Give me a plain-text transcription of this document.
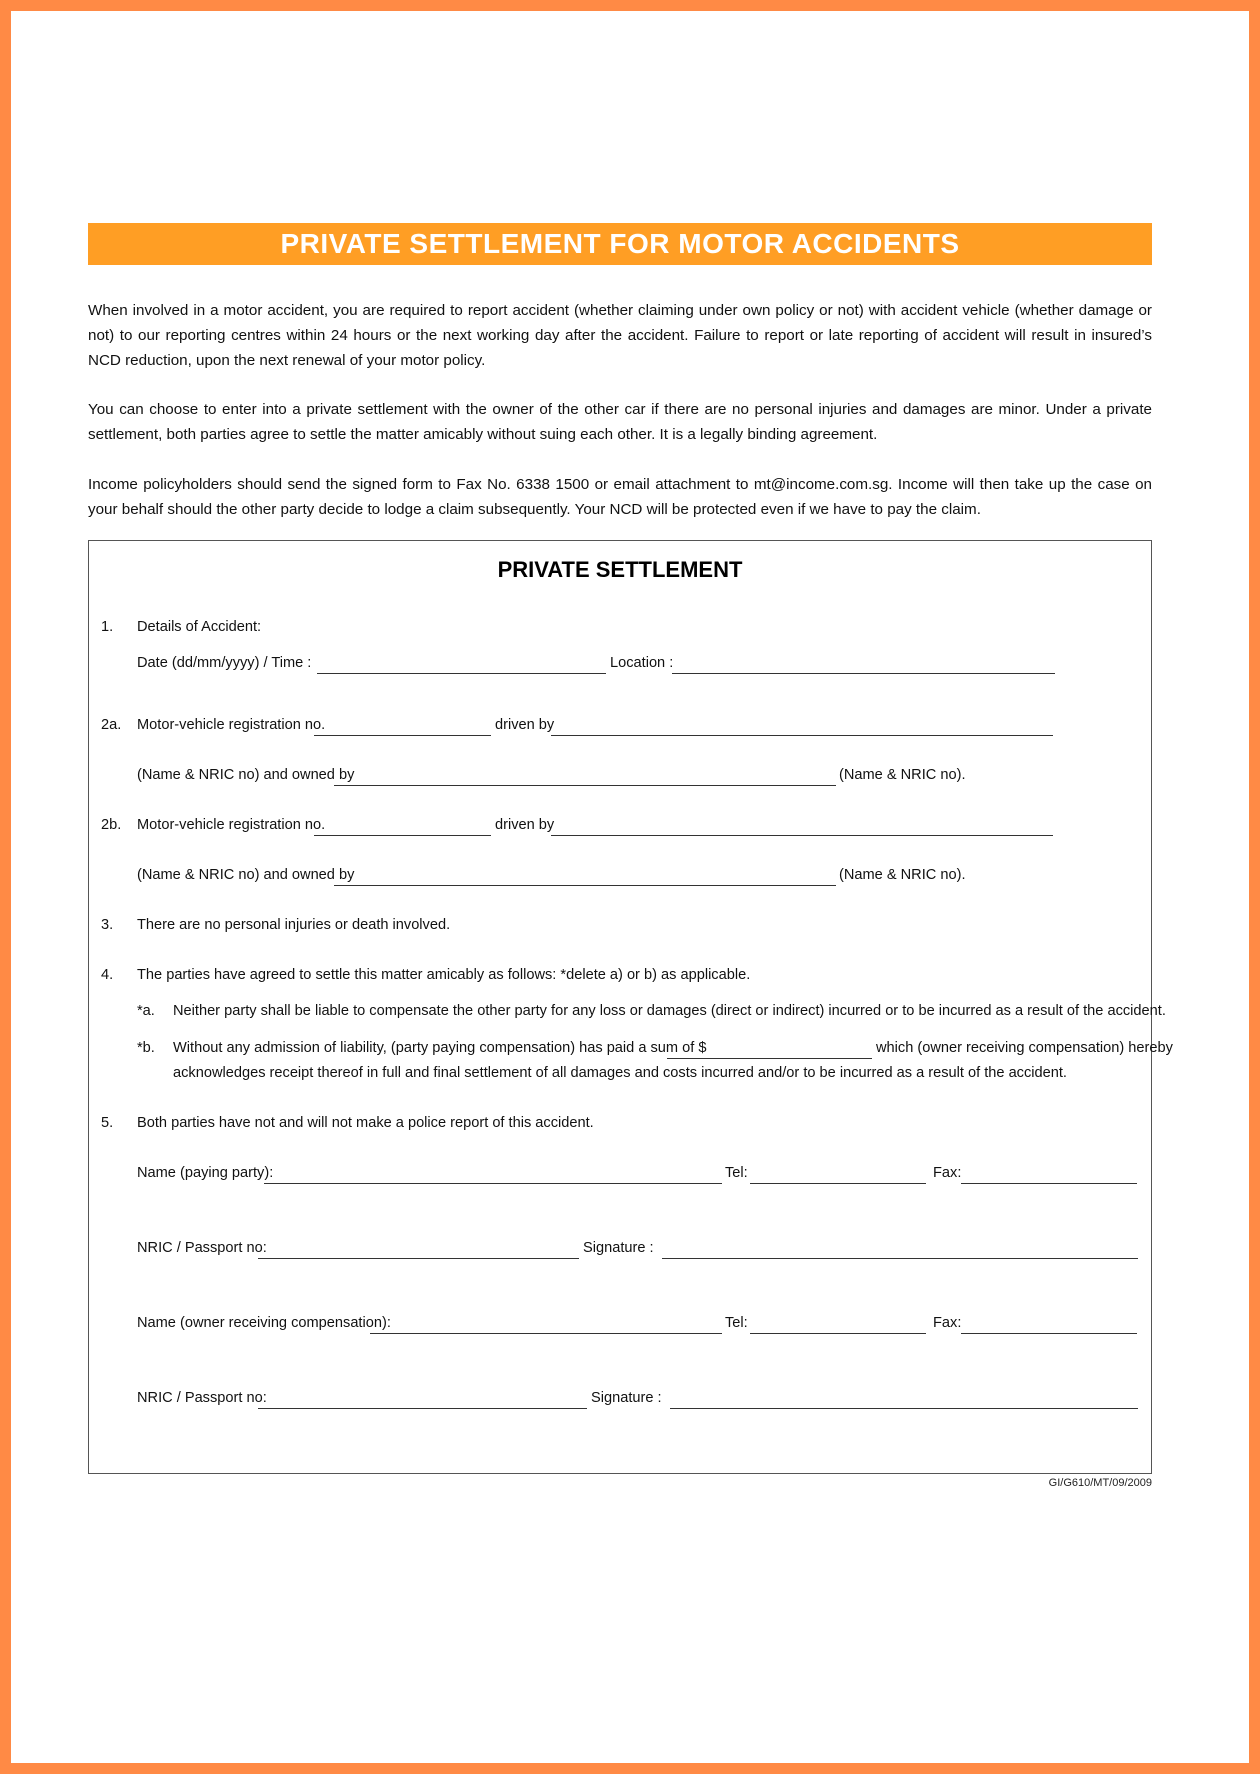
PRIVATE SETTLEMENT FOR MOTOR ACCIDENTS

When involved in a motor accident, you are required to report accident (whether claiming under own policy or not) with accident vehicle (whether damage or not) to our reporting centres within 24 hours or the next working day after the accident. Failure to report or late reporting of accident will result in insured’s NCD reduction, upon the next renewal of your motor policy.

You can choose to enter into a private settlement with the owner of the other car if there are no personal injuries and damages are minor. Under a private settlement, both parties agree to settle the matter amicably without suing each other. It is a legally binding agreement.

Income policyholders should send the signed form to Fax No. 6338 1500 or email attachment to mt@income.com.sg. Income will then take up the case on your behalf should the other party decide to lodge a claim subsequently. Your NCD will be protected even if we have to pay the claim.

PRIVATE SETTLEMENT
1. Details of Accident:
Date (dd/mm/yyyy) / Time :	Location :
2a. Motor-vehicle registration no.	driven by
(Name & NRIC no) and owned by	(Name & NRIC no).
2b. Motor-vehicle registration no.	driven by
(Name & NRIC no) and owned by	(Name & NRIC no).
3. There are no personal injuries or death involved.
4. The parties have agreed to settle this matter amicably as follows: *delete a) or b) as applicable.
*a. Neither party shall be liable to compensate the other party for any loss or damages (direct or indirect) incurred or to be incurred as a result of the accident.
*b. Without any admission of liability, (party paying compensation) has paid a sum of $	which (owner receiving compensation) hereby
acknowledges receipt thereof in full and final settlement of all damages and costs incurred and/or to be incurred as a result of the accident.
5. Both parties have not and will not make a police report of this accident.
Name (paying party):	Tel:	Fax:
NRIC / Passport no:	Signature :
Name (owner receiving compensation):	Tel:	Fax:
NRIC / Passport no:	Signature :
GI/G610/MT/09/2009
